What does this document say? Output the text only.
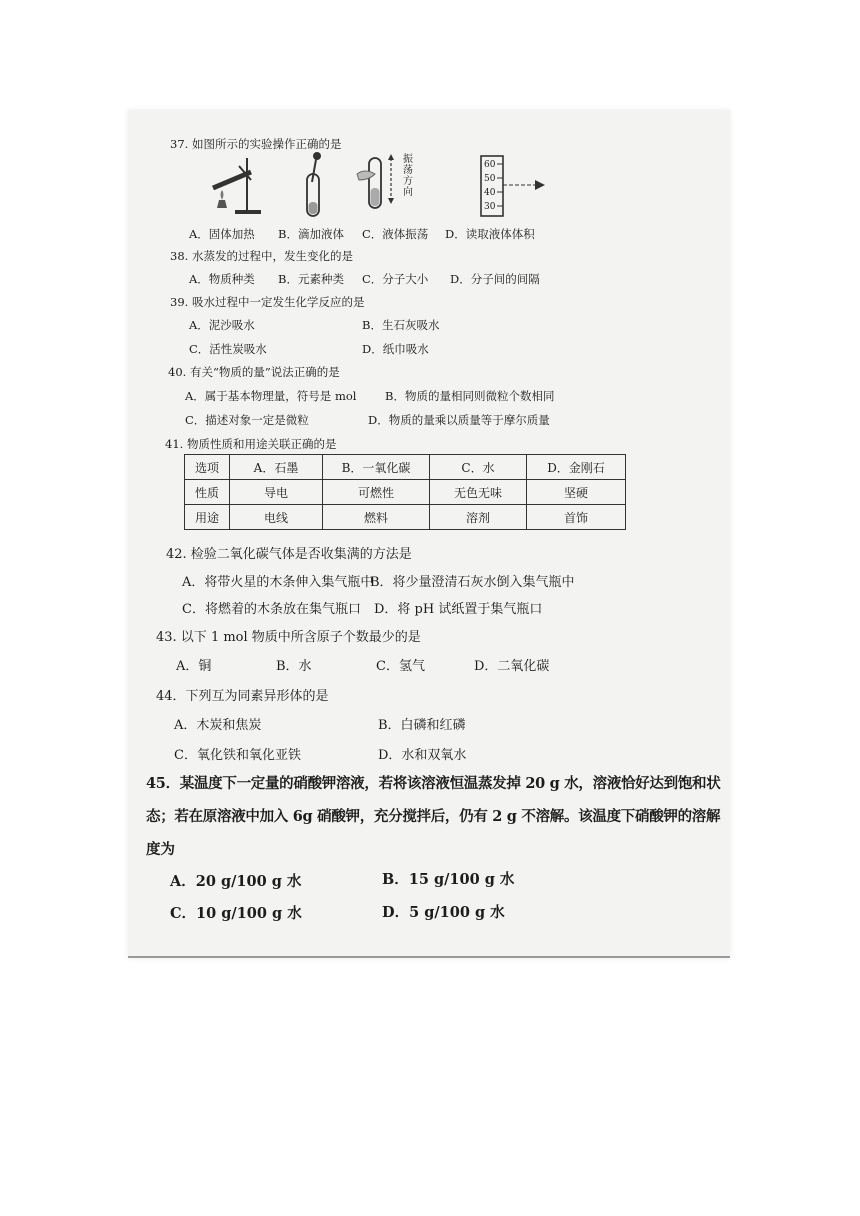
37. 如图所示的实验操作正确的是
振荡方向
60
50
40
30
A．固体加热 B．滴加液体 C．液体振荡 D．读取液体体积
38. 水蒸发的过程中，发生变化的是
A．物质种类 B．元素种类 C．分子大小 D．分子间的间隔
39. 吸水过程中一定发生化学反应的是
A．泥沙吸水	B．生石灰吸水
C．活性炭吸水	D．纸巾吸水
40. 有关“物质的量”说法正确的是
A．属于基本物理量，符号是 mol B．物质的量相同则微粒个数相同
C．描述对象一定是微粒	D．物质的量乘以质量等于摩尔质量
41. 物质性质和用途关联正确的是
选项	A．石墨	B．一氧化碳	C．水	D．金刚石
性质	导电	可燃性	无色无味	坚硬
用途	电线	燃料	溶剂	首饰
42. 检验二氧化碳气体是否收集满的方法是
A．将带火星的木条伸入集气瓶中
B．将少量澄清石灰水倒入集气瓶中
C．将燃着的木条放在集气瓶口 D．将 pH 试纸置于集气瓶口
43. 以下 1 mol 物质中所含原子个数最少的是
A．铜	B．水	C．氢气	D．二氧化碳
44．下列互为同素异形体的是
A．木炭和焦炭	B．白磷和红磷
C．氧化铁和氧化亚铁	D．水和双氧水
45．某温度下一定量的硝酸钾溶液，若将该溶液恒温蒸发掉 20 g 水，溶液恰好达到饱和状
态；若在原溶液中加入 6g 硝酸钾，充分搅拌后，仍有 2 g 不溶解。该温度下硝酸钾的溶解
度为
A．20 g/100 g 水	B．15 g/100 g 水
C．10 g/100 g 水	D．5 g/100 g 水
